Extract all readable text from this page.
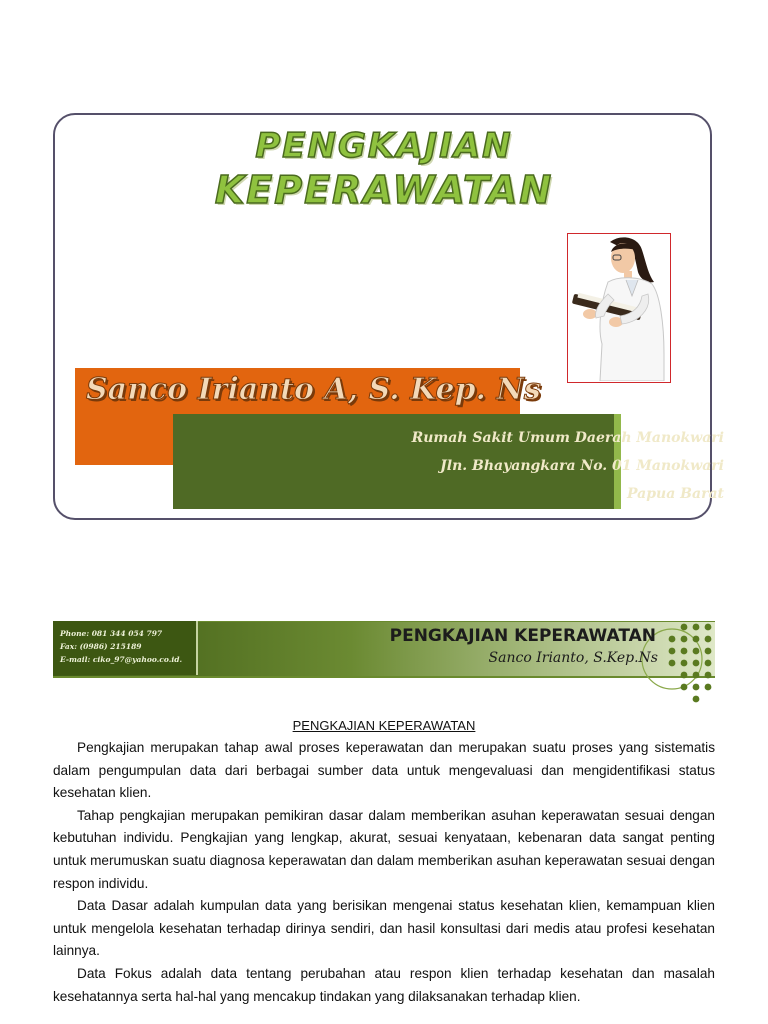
PENGKAJIAN
KEPERAWATAN
Sanco Irianto A, S. Kep. Ns
Rumah Sakit Umum Daerah Manokwari
Jln. Bhayangkara No. 01 Manokwari
Papua Barat
Phone: 081 344 054 797
Fax: (0986) 215189
E-mail: ciko_97@yahoo.co.id.
PENGKAJIAN KEPERAWATAN
Sanco Irianto, S.Kep.Ns
PENGKAJIAN KEPERAWATAN

Pengkajian merupakan tahap awal proses keperawatan dan merupakan suatu proses yang sistematis dalam pengumpulan data dari berbagai sumber data untuk mengevaluasi dan mengidentifikasi status kesehatan klien.

Tahap pengkajian merupakan pemikiran dasar dalam memberikan asuhan keperawatan sesuai dengan kebutuhan individu. Pengkajian yang lengkap, akurat, sesuai kenyataan, kebenaran data sangat penting untuk merumuskan suatu diagnosa keperawatan dan dalam memberikan asuhan keperawatan sesuai dengan respon individu.

Data Dasar adalah kumpulan data yang berisikan mengenai status kesehatan klien, kemampuan klien untuk mengelola kesehatan terhadap dirinya sendiri, dan hasil konsultasi dari medis atau profesi kesehatan lainnya.

Data Fokus adalah data tentang perubahan atau respon klien terhadap kesehatan dan masalah kesehatannya serta hal-hal yang mencakup tindakan yang dilaksanakan terhadap klien.
